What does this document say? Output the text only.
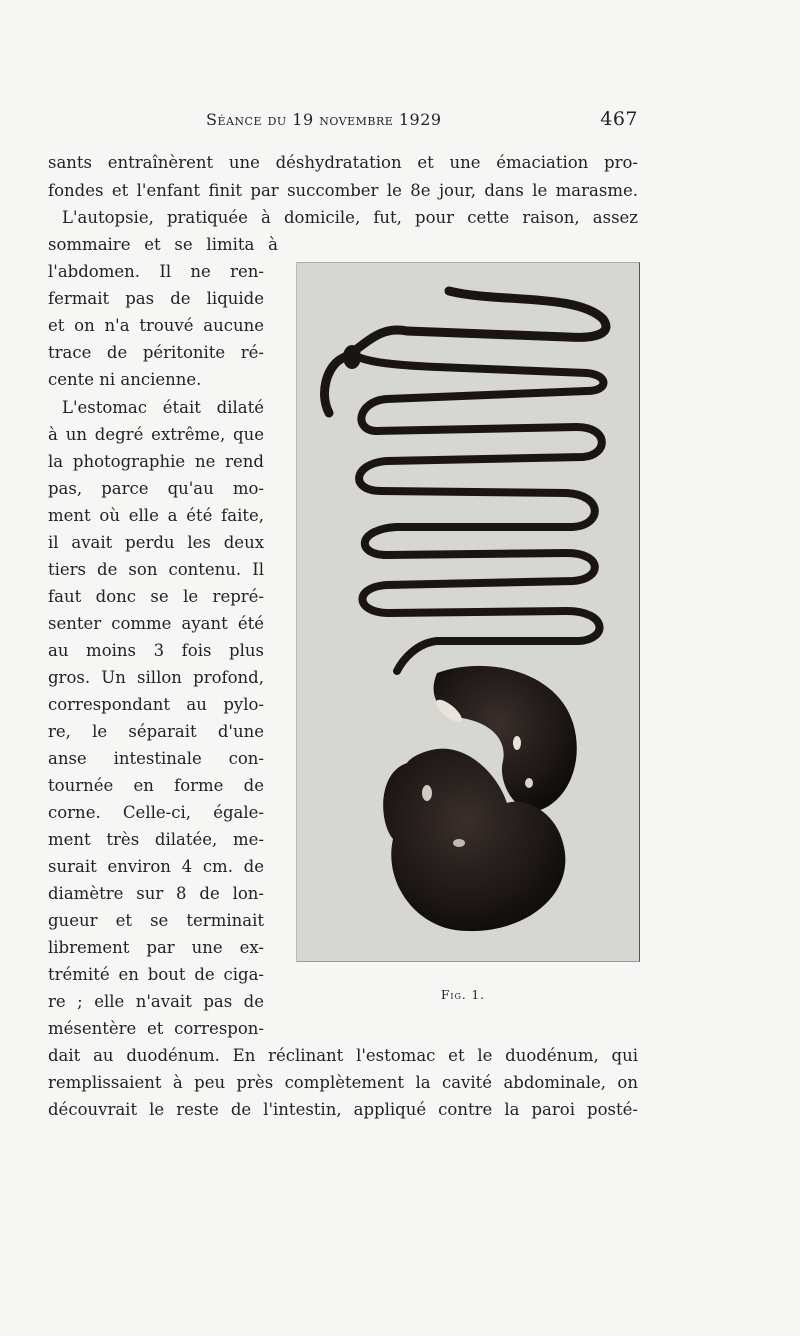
Séance du 19 novembre 1929	467
sants entraînèrent une déshydratation et une émaciation pro-
fondes et l'enfant finit par succomber le 8e jour, dans le marasme.
L'autopsie, pratiquée à domicile, fut, pour cette raison, assez
sommaire et se limita à
l'abdomen. Il ne ren-
fermait pas de liquide
et on n'a trouvé aucune
trace de péritonite ré-
cente ni ancienne.
L'estomac était dilaté
à un degré extrême, que
la photographie ne rend
pas, parce qu'au mo-
ment où elle a été faite,
il avait perdu les deux
tiers de son contenu. Il
faut donc se le repré-
senter comme ayant été
au moins 3 fois plus
gros. Un sillon profond,
correspondant au pylo-
re, le séparait d'une
anse intestinale con-
tournée en forme de
corne. Celle-ci, égale-
ment très dilatée, me-
surait environ 4 cm. de
diamètre sur 8 de lon-
gueur et se terminait
librement par une ex-
trémité en bout de ciga-
re ; elle n'avait pas de
mésentère et correspon-
dait au duodénum. En réclinant l'estomac et le duodénum, qui
remplissaient à peu près complètement la cavité abdominale, on
découvrait le reste de l'intestin, appliqué contre la paroi posté-
Fig. 1.
